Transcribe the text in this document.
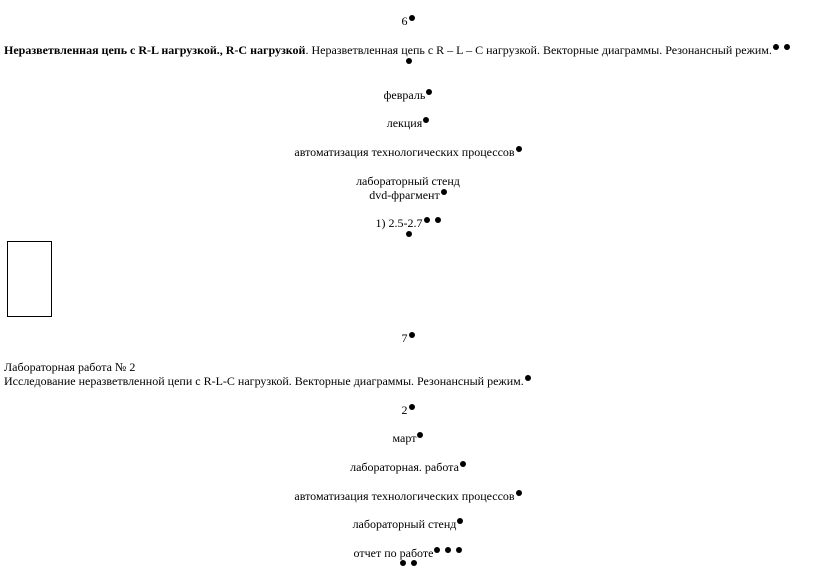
6
Неразветвленная цепь с R-L нагрузкой., R-C нагрузкой. Неразветвленная цепь с R – L – C нагрузкой. Векторные диаграммы. Резонансный режим.
февраль
лекция
автоматизация технологических процессов
лабораторный стенд
dvd-фрагмент
1) 2.5-2.7
7
Лабораторная работа № 2
Исследование неразветвленной цепи с R-L-C нагрузкой. Векторные диаграммы. Резонансный режим.
2
март
лабораторная. работа
автоматизация технологических процессов
лабораторный стенд
отчет по работе
